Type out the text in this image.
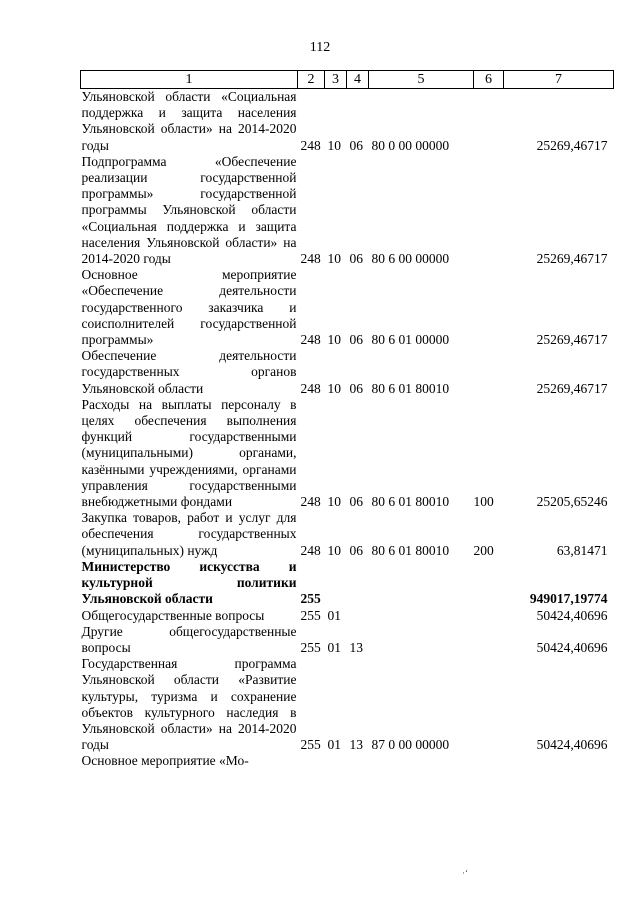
112
1	2	3	4	5	6	7
Ульяновской области «Социальная поддержка и защита населения Ульяновской области» на 2014-2020 годы	248	10	06	80 0 00 00000		25269,46717
Подпрограмма «Обеспечение реализации государственной программы» государственной программы Ульяновской области «Социальная поддержка и защита населения Ульяновской области» на 2014-2020 годы	248	10	06	80 6 00 00000		25269,46717
Основное мероприятие «Обеспечение деятельности государственного заказчика и соисполнителей государственной программы»	248	10	06	80 6 01 00000		25269,46717
Обеспечение деятельности государственных органов Ульяновской области	248	10	06	80 6 01 80010		25269,46717
Расходы на выплаты персоналу в целях обеспечения выполнения функций государственными (муниципальными) органами, казёнными учреждениями, органами управления государственными внебюджетными фондами	248	10	06	80 6 01 80010	100	25205,65246
Закупка товаров, работ и услуг для обеспечения государственных (муниципальных) нужд	248	10	06	80 6 01 80010	200	63,81471
Министерство искусства и культурной политики Ульяновской области	255					949017,19774
Общегосударственные вопросы	255	01				50424,40696
Другие общегосударственные вопросы	255	01	13			50424,40696
Государственная программа Ульяновской области «Развитие культуры, туризма и сохранение объектов культурного наследия в Ульяновской области» на 2014-2020 годы	255	01	13	87 0 00 00000		50424,40696
Основное мероприятие «Мо-						
·‘
